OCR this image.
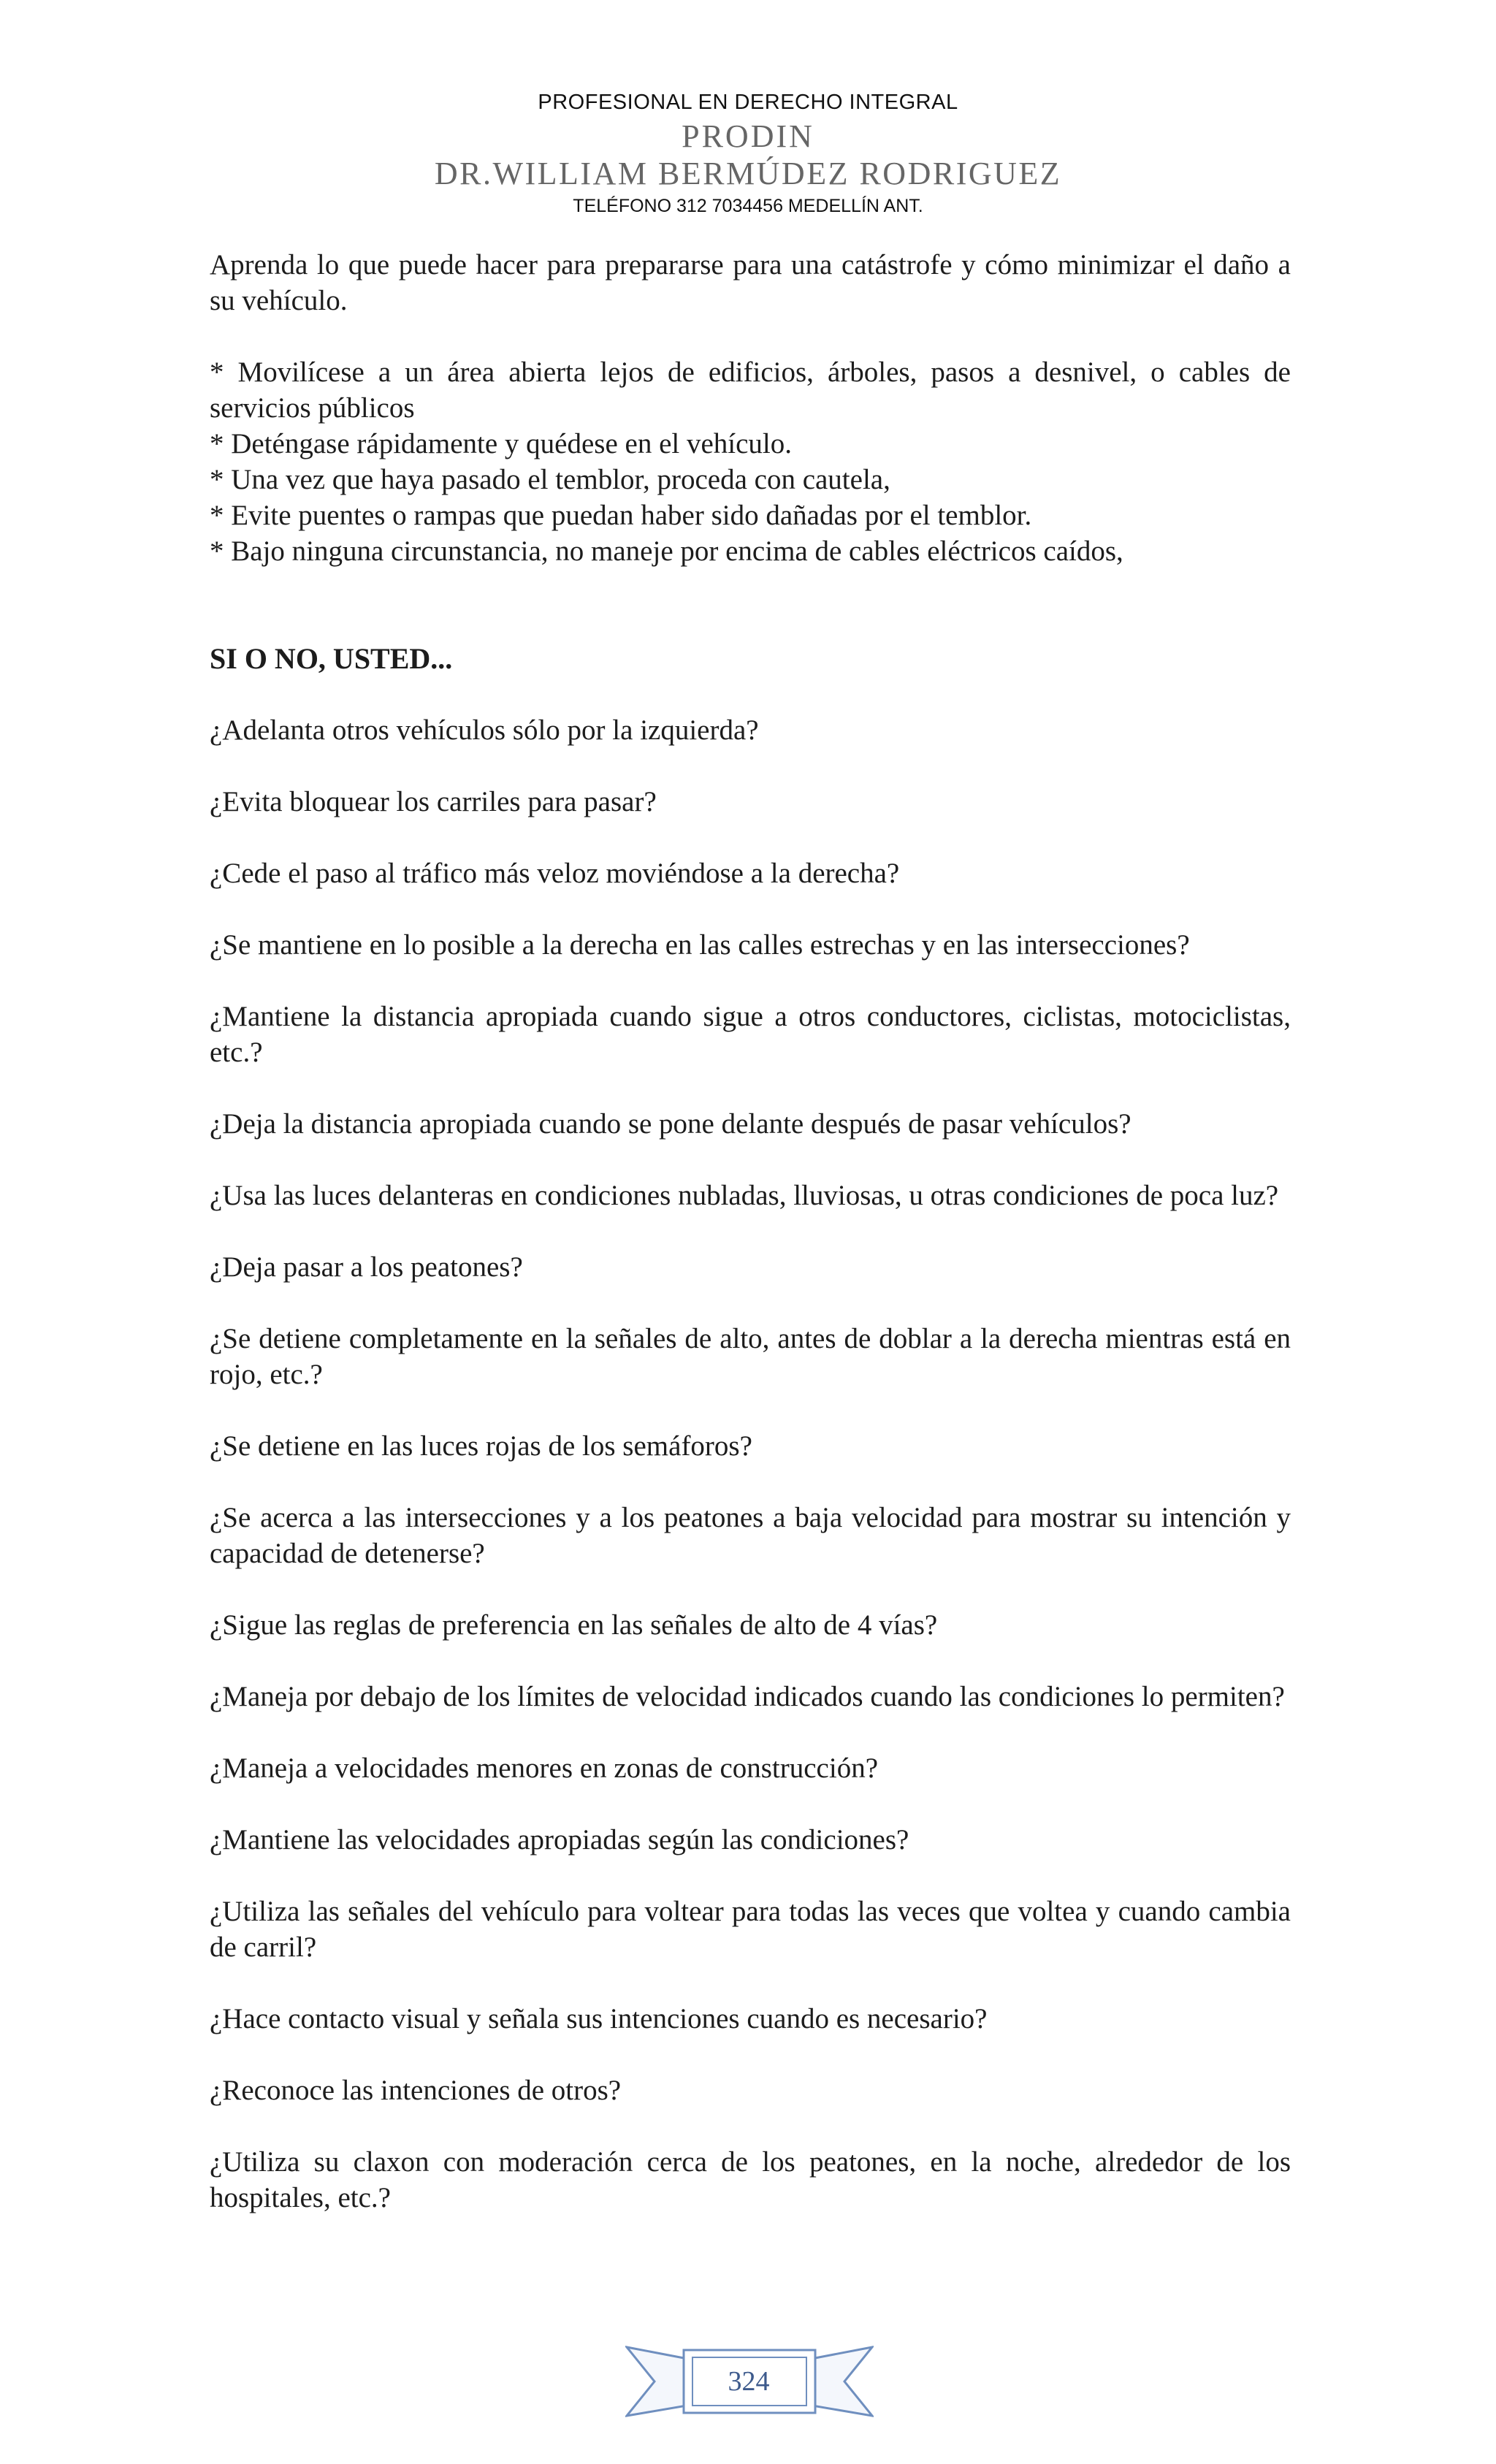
PROFESIONAL EN DERECHO INTEGRAL
PRODIN
DR.WILLIAM BERMÚDEZ RODRIGUEZ
TELÉFONO 312 7034456 MEDELLÍN ANT.

Aprenda lo que puede hacer para prepararse para una catástrofe y cómo minimizar el daño a su vehículo.

* Movilícese a un área abierta lejos de edificios, árboles, pasos a desnivel, o cables de servicios públicos
* Deténgase rápidamente y quédese en el vehículo.
* Una vez que haya pasado el temblor, proceda con cautela,
* Evite puentes o rampas que puedan haber sido dañadas por el temblor.
* Bajo ninguna circunstancia, no maneje por encima de cables eléctricos caídos,

SI O NO, USTED...

¿Adelanta otros vehículos sólo por la izquierda?

¿Evita bloquear los carriles para pasar?

¿Cede el paso al tráfico más veloz moviéndose a la derecha?

¿Se mantiene en lo posible a la derecha en las calles estrechas y en las intersecciones?

¿Mantiene la distancia apropiada cuando sigue a otros conductores, ciclistas, motociclistas, etc.?

¿Deja la distancia apropiada cuando se pone delante después de pasar vehículos?

¿Usa las luces delanteras en condiciones nubladas, lluviosas, u otras condiciones de poca luz?

¿Deja pasar a los peatones?

¿Se detiene completamente en la señales de alto, antes de doblar a la derecha mientras está en rojo, etc.?

¿Se detiene en las luces rojas de los semáforos?

¿Se acerca a las intersecciones y a los peatones a baja velocidad para mostrar su intención y capacidad de detenerse?

¿Sigue las reglas de preferencia en las señales de alto de 4 vías?

¿Maneja por debajo de los límites de velocidad indicados cuando las condiciones lo permiten?

¿Maneja a velocidades menores en zonas de construcción?

¿Mantiene las velocidades apropiadas según las condiciones?

¿Utiliza las señales del vehículo para voltear para todas las veces que voltea y cuando cambia de carril?

¿Hace contacto visual y señala sus intenciones cuando es necesario?

¿Reconoce las intenciones de otros?

¿Utiliza su claxon con moderación cerca de los peatones, en la noche, alrededor de los hospitales, etc.?

324
